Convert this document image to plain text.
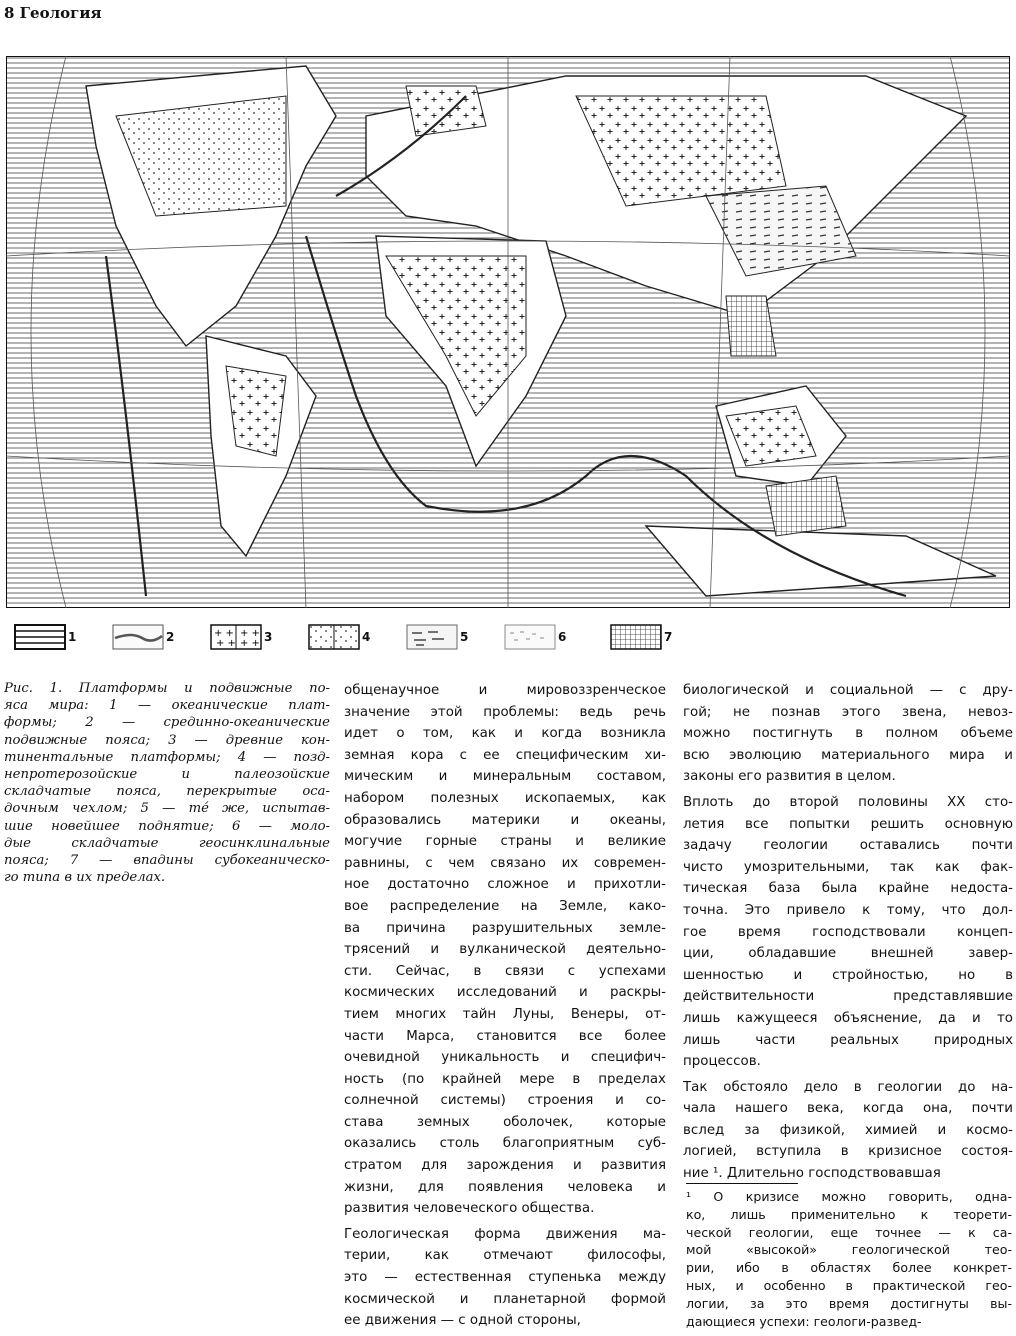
8 Геология
1	2	+ +
+ +
+ +
+ + 3	4	5	6	7
Рис. 1. Платформы и подвижные по-
яса мира: 1 — океанические плат-
формы; 2 — срединно-океанические
подвижные пояса; 3 — древние кон-
тинентальные платформы; 4 — позд-
непротерозойские и палеозойские
складчатые пояса, перекрытые оса-
дочным чехлом; 5 — те́ же, испытав-
шие новейшее поднятие; 6 — моло-
дые складчатые геосинклинальные
пояса; 7 — впадины субокеаническо-
го типа в их пределах.
общенаучное и мировоззренческое
значение этой проблемы: ведь речь
идет о том, как и когда возникла
земная кора с ее специфическим хи-
мическим и минеральным составом,
набором полезных ископаемых, как
образовались материки и океаны,
могучие горные страны и великие
равнины, с чем связано их современ-
ное достаточно сложное и прихотли-
вое распределение на Земле, како-
ва причина разрушительных земле-
трясений и вулканической деятельно-
сти. Сейчас, в связи с успехами
космических исследований и раскры-
тием многих тайн Луны, Венеры, от-
части Марса, становится все более
очевидной уникальность и специфич-
ность (по крайней мере в пределах
солнечной системы) строения и со-
става земных оболочек, которые
оказались столь благоприятным суб-
стратом для зарождения и развития
жизни, для появления человека и
развития человеческого общества.
Геологическая форма движения ма-
терии, как отмечают философы,
это — естественная ступенька между
космической и планетарной формой
ее движения — с одной стороны,
биологической и социальной — с дру-
гой; не познав этого звена, невоз-
можно постигнуть в полном объеме
всю эволюцию материального мира и
законы его развития в целом.
Вплоть до второй половины XX сто-
летия все попытки решить основную
задачу геологии оставались почти
чисто умозрительными, так как фак-
тическая база была крайне недоста-
точна. Это привело к тому, что дол-
гое время господствовали концеп-
ции, обладавшие внешней завер-
шенностью и стройностью, но в
действительности представлявшие
лишь кажущееся объяснение, да и то
лишь части реальных природных
процессов.
Так обстояло дело в геологии до на-
чала нашего века, когда она, почти
вслед за физикой, химией и космо-
логией, вступила в кризисное состоя-
ние ¹. Длительно господствовавшая
¹ О кризисе можно говорить, одна-
ко, лишь применительно к теорети-
ческой геологии, еще точнее — к са-
мой «высокой» геологической тео-
рии, ибо в областях более конкрет-
ных, и особенно в практической гео-
логии, за это время достигнуты вы-
дающиеся успехи: геологи-развед-
